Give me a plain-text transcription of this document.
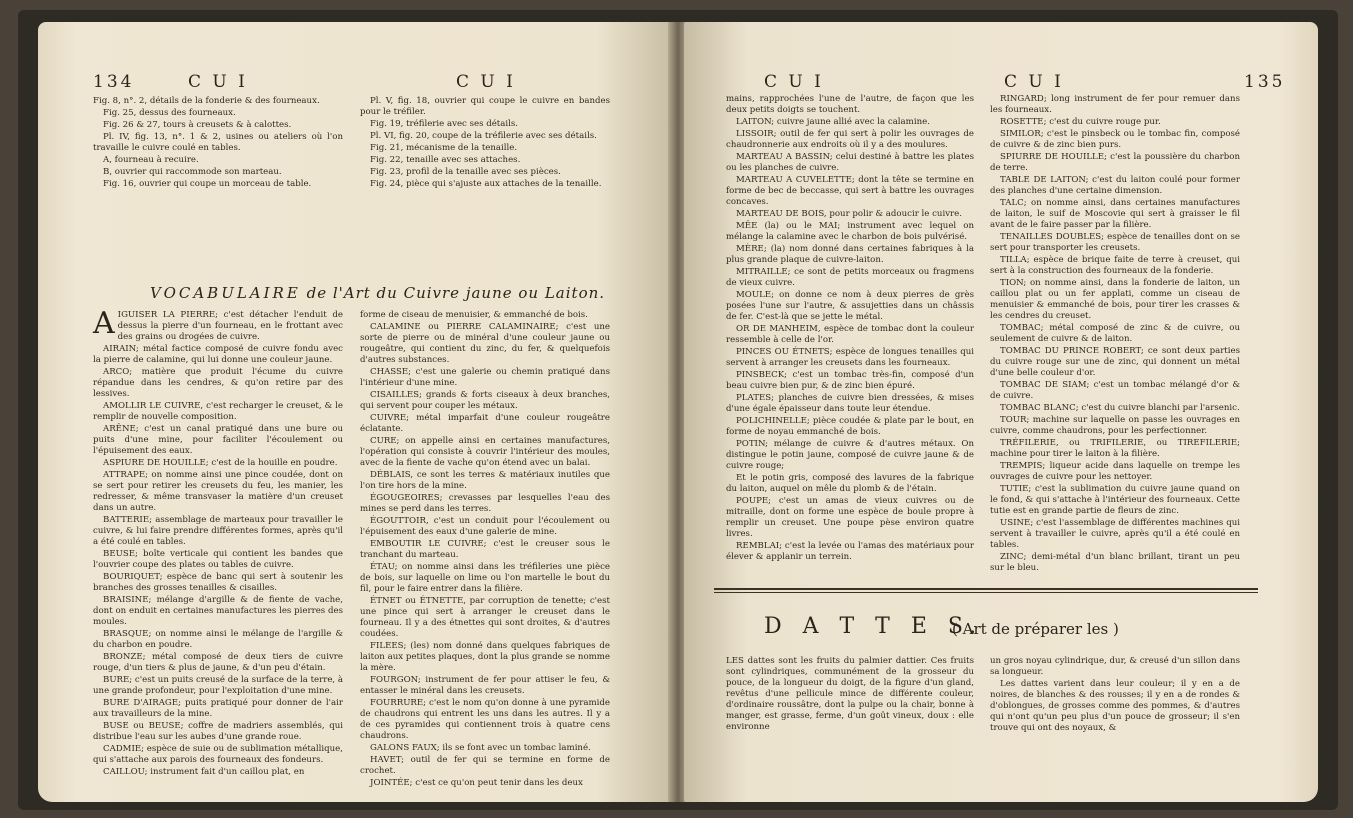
134	C U I	C U I

Fig. 8, n°. 2, détails de la fonderie & des fourneaux.

Fig. 25, dessus des fourneaux.

Fig. 26 & 27, tours à creusets & à calottes.

Pl. IV, fig. 13, n°. 1 & 2, usines ou ateliers où l'on travaille le cuivre coulé en tables.

A, fourneau à recuire.

B, ouvrier qui raccommode son marteau.

Fig. 16, ouvrier qui coupe un morceau de table.

Pl. V, fig. 18, ouvrier qui coupe le cuivre en bandes pour le tréfiler.

Fig. 19, tréfilerie avec ses détails.

Pl. VI, fig. 20, coupe de la tréfilerie avec ses détails.

Fig. 21, mécanisme de la tenaille.

Fig. 22, tenaille avec ses attaches.

Fig. 23, profil de la tenaille avec ses pièces.

Fig. 24, pièce qui s'ajuste aux attaches de la tenaille.

VOCABULAIRE de l'Art du Cuivre jaune ou Laiton.

AIGUISER LA PIERRE; c'est détacher l'enduit de dessus la pierre d'un fourneau, en le frottant avec des grains ou drogées de cuivre.

AIRAIN; métal factice composé de cuivre fondu avec la pierre de calamine, qui lui donne une couleur jaune.

ARCO; matière que produit l'écume du cuivre répandue dans les cendres, & qu'on retire par des lessives.

AMOLLIR LE CUIVRE, c'est recharger le creuset, & le remplir de nouvelle composition.

ARÊNE; c'est un canal pratiqué dans une bure ou puits d'une mine, pour faciliter l'écoulement ou l'épuisement des eaux.

ASPIURE DE HOUILLE; c'est de la houille en poudre.

ATTRAPE; on nomme ainsi une pince coudée, dont on se sert pour retirer les creusets du feu, les manier, les redresser, & même transvaser la matière d'un creuset dans un autre.

BATTERIE; assemblage de marteaux pour travailler le cuivre, & lui faire prendre différentes formes, après qu'il a été coulé en tables.

BEUSE; boîte verticale qui contient les bandes que l'ouvrier coupe des plates ou tables de cuivre.

BOURIQUET; espèce de banc qui sert à soutenir les branches des grosses tenailles & cisailles.

BRAISINE; mélange d'argille & de fiente de vache, dont on enduit en certaines manufactures les pierres des moules.

BRASQUE; on nomme ainsi le mélange de l'argille & du charbon en poudre.

BRONZE; métal composé de deux tiers de cuivre rouge, d'un tiers & plus de jaune, & d'un peu d'étain.

BURE; c'est un puits creusé de la surface de la terre, à une grande profondeur, pour l'exploitation d'une mine.

BURE D'AIRAGE; puits pratiqué pour donner de l'air aux travailleurs de la mine.

BUSE ou BEUSE; coffre de madriers assemblés, qui distribue l'eau sur les aubes d'une grande roue.

CADMIE; espèce de suie ou de sublimation métallique, qui s'attache aux parois des fourneaux des fondeurs.

CAILLOU; instrument fait d'un caillou plat, en

forme de ciseau de menuisier, & emmanché de bois.

CALAMINE ou PIERRE CALAMINAIRE; c'est une sorte de pierre ou de minéral d'une couleur jaune ou rougeâtre, qui contient du zinc, du fer, & quelquefois d'autres substances.

CHASSE; c'est une galerie ou chemin pratiqué dans l'intérieur d'une mine.

CISAILLES; grands & forts ciseaux à deux branches, qui servent pour couper les métaux.

CUIVRE; métal imparfait d'une couleur rougeâtre éclatante.

CURE; on appelle ainsi en certaines manufactures, l'opération qui consiste à couvrir l'intérieur des moules, avec de la fiente de vache qu'on étend avec un balai.

DÉBLAIS, ce sont les terres & matériaux inutiles que l'on tire hors de la mine.

ÉGOUGEOIRES; crevasses par lesquelles l'eau des mines se perd dans les terres.

ÉGOUTTOIR, c'est un conduit pour l'écoulement ou l'épuisement des eaux d'une galerie de mine.

EMBOUTIR LE CUIVRE; c'est le creuser sous le tranchant du marteau.

ÉTAU; on nomme ainsi dans les tréfileries une pièce de bois, sur laquelle on lime ou l'on martelle le bout du fil, pour le faire entrer dans la filière.

ÉTNET ou ÉTNETTE, par corruption de tenette; c'est une pince qui sert à arranger le creuset dans le fourneau. Il y a des étnettes qui sont droites, & d'autres coudées.

FILEES; (les) nom donné dans quelques fabriques de laiton aux petites plaques, dont la plus grande se nomme la mère.

FOURGON; instrument de fer pour attiser le feu, & entasser le minéral dans les creusets.

FOURRURE; c'est le nom qu'on donne à une pyramide de chaudrons qui entrent les uns dans les autres. Il y a de ces pyramides qui contiennent trois à quatre cens chaudrons.

GALONS FAUX; ils se font avec un tombac laminé.

HAVET; outil de fer qui se termine en forme de crochet.

JOINTÉE; c'est ce qu'on peut tenir dans les deux

C U I	C U I	135

mains, rapprochées l'une de l'autre, de façon que les deux petits doigts se touchent.

LAITON; cuivre jaune allié avec la calamine.

LISSOIR; outil de fer qui sert à polir les ouvrages de chaudronnerie aux endroits où il y a des moulures.

MARTEAU A BASSIN; celui destiné à battre les plates ou les planches de cuivre.

MARTEAU A CUVELETTE; dont la tête se termine en forme de bec de beccasse, qui sert à battre les ouvrages concaves.

MARTEAU DE BOIS, pour polir & adoucir le cuivre.

MÊE (la) ou le MAI; instrument avec lequel on mélange la calamine avec le charbon de bois pulvérisé.

MÈRE; (la) nom donné dans certaines fabriques à la plus grande plaque de cuivre-laiton.

MITRAILLE; ce sont de petits morceaux ou fragmens de vieux cuivre.

MOULE; on donne ce nom à deux pierres de grès posées l'une sur l'autre, & assujetties dans un châssis de fer. C'est-là que se jette le métal.

OR DE MANHEIM, espèce de tombac dont la couleur ressemble à celle de l'or.

PINCES OU ÉTNETS; espèce de longues tenailles qui servent à arranger les creusets dans les fourneaux.

PINSBECK; c'est un tombac très-fin, composé d'un beau cuivre bien pur, & de zinc bien épuré.

PLATES; planches de cuivre bien dressées, & mises d'une égale épaisseur dans toute leur étendue.

POLICHINELLE; pièce coudée & plate par le bout, en forme de noyau emmanché de bois.

POTIN; mélange de cuivre & d'autres métaux. On distingue le potin jaune, composé de cuivre jaune & de cuivre rouge;

Et le potin gris, composé des lavures de la fabrique du laiton, auquel on mêle du plomb & de l'étain.

POUPE; c'est un amas de vieux cuivres ou de mitraille, dont on forme une espèce de boule propre à remplir un creuset. Une poupe pèse environ quatre livres.

REMBLAI; c'est la levée ou l'amas des matériaux pour élever & applanir un terrein.

RINGARD; long instrument de fer pour remuer dans les fourneaux.

ROSETTE; c'est du cuivre rouge pur.

SIMILOR; c'est le pinsbeck ou le tombac fin, composé de cuivre & de zinc bien purs.

SPIURRE DE HOUILLE; c'est la poussière du charbon de terre.

TABLE DE LAITON; c'est du laiton coulé pour former des planches d'une certaine dimension.

TALC; on nomme ainsi, dans certaines manufactures de laiton, le suif de Moscovie qui sert à graisser le fil avant de le faire passer par la filière.

TENAILLES DOUBLES; espèce de tenailles dont on se sert pour transporter les creusets.

TILLA; espèce de brique faite de terre à creuset, qui sert à la construction des fourneaux de la fonderie.

TION; on nomme ainsi, dans la fonderie de laiton, un caillou plat ou un fer applati, comme un ciseau de menuisier & emmanché de bois, pour tirer les crasses & les cendres du creuset.

TOMBAC; métal composé de zinc & de cuivre, ou seulement de cuivre & de laiton.

TOMBAC DU PRINCE ROBERT; ce sont deux parties du cuivre rouge sur une de zinc, qui donnent un métal d'une belle couleur d'or.

TOMBAC DE SIAM; c'est un tombac mélangé d'or & de cuivre.

TOMBAC BLANC; c'est du cuivre blanchi par l'arsenic.

TOUR; machine sur laquelle on passe les ouvrages en cuivre, comme chaudrons, pour les perfectionner.

TRÉFILERIE, ou TRIFILERIE, ou TIREFILERIE; machine pour tirer le laiton à la filière.

TREMPIS; liqueur acide dans laquelle on trempe les ouvrages de cuivre pour les nettoyer.

TUTIE; c'est la sublimation du cuivre jaune quand on le fond, & qui s'attache à l'intérieur des fourneaux. Cette tutie est en grande partie de fleurs de zinc.

USINE; c'est l'assemblage de différentes machines qui servent à travailler le cuivre, après qu'il a été coulé en tables.

ZINC; demi-métal d'un blanc brillant, tirant un peu sur le bleu.

D A T T E S.
( Art de préparer les )

LES dattes sont les fruits du palmier dattier. Ces fruits sont cylindriques, communément de la grosseur du pouce, de la longueur du doigt, de la figure d'un gland, revêtus d'une pellicule mince de différente couleur, d'ordinaire roussâtre, dont la pulpe ou la chair, bonne à manger, est grasse, ferme, d'un goût vineux, doux : elle environne

un gros noyau cylindrique, dur, & creusé d'un sillon dans sa longueur.

Les dattes varient dans leur couleur; il y en a de noires, de blanches & des rousses; il y en a de rondes & d'oblongues, de grosses comme des pommes, & d'autres qui n'ont qu'un peu plus d'un pouce de grosseur; il s'en trouve qui ont des noyaux, &
